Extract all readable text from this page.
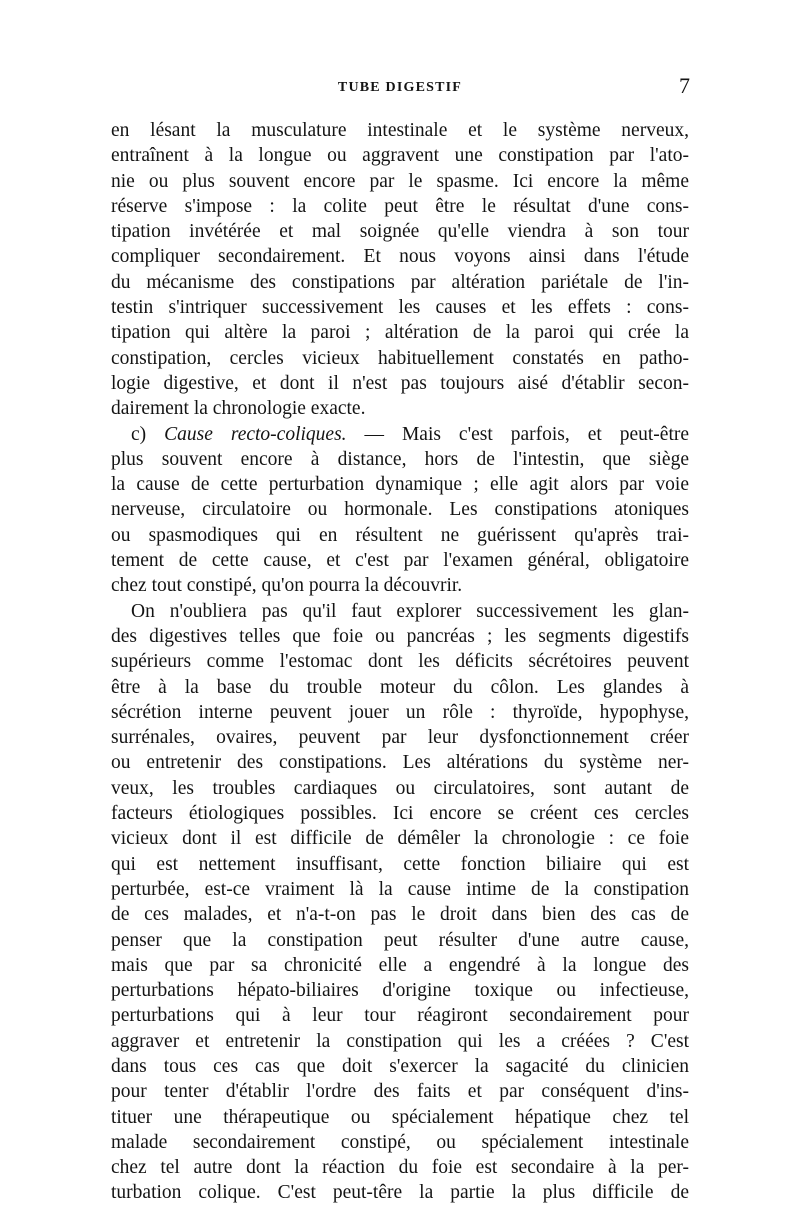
TUBE DIGESTIF	7
en lésant la musculature intestinale et le système nerveux,
entraînent à la longue ou aggravent une constipation par l'ato-
nie ou plus souvent encore par le spasme. Ici encore la même
réserve s'impose : la colite peut être le résultat d'une cons-
tipation invétérée et mal soignée qu'elle viendra à son tour
compliquer secondairement. Et nous voyons ainsi dans l'étude
du mécanisme des constipations par altération pariétale de l'in-
testin s'intriquer successivement les causes et les effets : cons-
tipation qui altère la paroi ; altération de la paroi qui crée la
constipation, cercles vicieux habituellement constatés en patho-
logie digestive, et dont il n'est pas toujours aisé d'établir secon-
dairement la chronologie exacte.
c) Cause recto-coliques. — Mais c'est parfois, et peut-être
plus souvent encore à distance, hors de l'intestin, que siège
la cause de cette perturbation dynamique ; elle agit alors par voie
nerveuse, circulatoire ou hormonale. Les constipations atoniques
ou spasmodiques qui en résultent ne guérissent qu'après trai-
tement de cette cause, et c'est par l'examen général, obligatoire
chez tout constipé, qu'on pourra la découvrir.
On n'oubliera pas qu'il faut explorer successivement les glan-
des digestives telles que foie ou pancréas ; les segments digestifs
supérieurs comme l'estomac dont les déficits sécrétoires peuvent
être à la base du trouble moteur du côlon. Les glandes à
sécrétion interne peuvent jouer un rôle : thyroïde, hypophyse,
surrénales, ovaires, peuvent par leur dysfonctionnement créer
ou entretenir des constipations. Les altérations du système ner-
veux, les troubles cardiaques ou circulatoires, sont autant de
facteurs étiologiques possibles. Ici encore se créent ces cercles
vicieux dont il est difficile de démêler la chronologie : ce foie
qui est nettement insuffisant, cette fonction biliaire qui est
perturbée, est-ce vraiment là la cause intime de la constipation
de ces malades, et n'a-t-on pas le droit dans bien des cas de
penser que la constipation peut résulter d'une autre cause,
mais que par sa chronicité elle a engendré à la longue des
perturbations hépato-biliaires d'origine toxique ou infectieuse,
perturbations qui à leur tour réagiront secondairement pour
aggraver et entretenir la constipation qui les a créées ? C'est
dans tous ces cas que doit s'exercer la sagacité du clinicien
pour tenter d'établir l'ordre des faits et par conséquent d'ins-
tituer une thérapeutique ou spécialement hépatique chez tel
malade secondairement constipé, ou spécialement intestinale
chez tel autre dont la réaction du foie est secondaire à la per-
turbation colique. C'est peut-têre la partie la plus difficile de
